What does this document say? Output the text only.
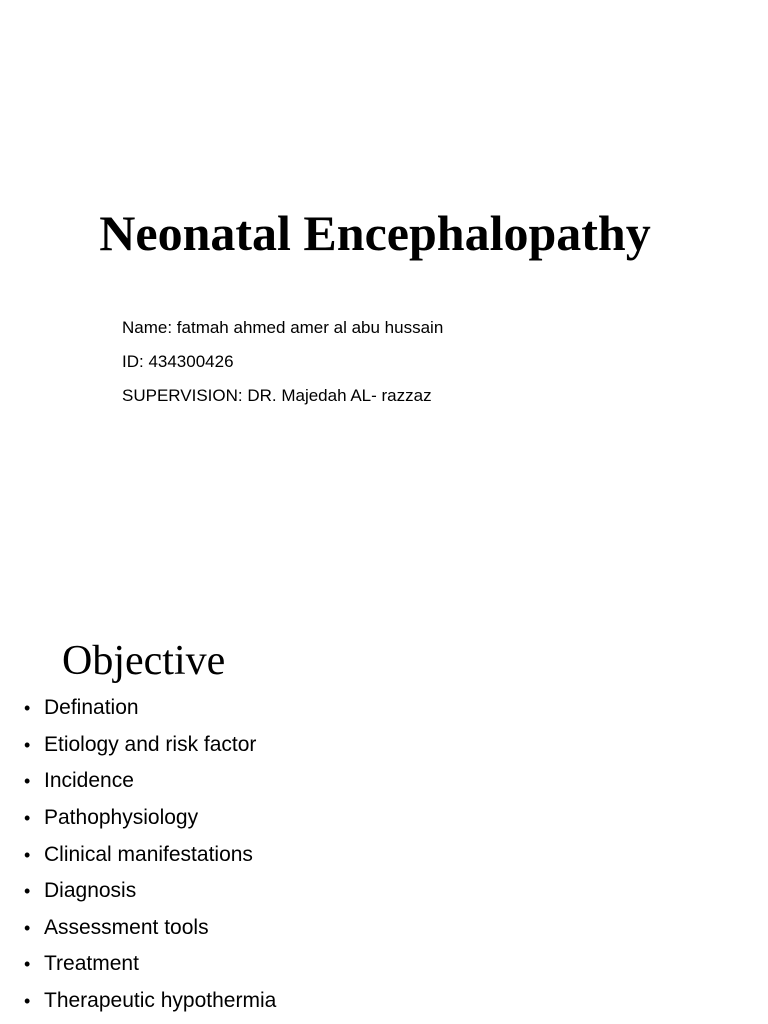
Neonatal Encephalopathy
Name: fatmah ahmed amer al abu hussain
ID: 434300426
SUPERVISION: DR. Majedah AL- razzaz
Objective
• Defination
• Etiology and risk factor
• Incidence
• Pathophysiology
• Clinical manifestations
• Diagnosis
• Assessment tools
• Treatment
• Therapeutic hypothermia
